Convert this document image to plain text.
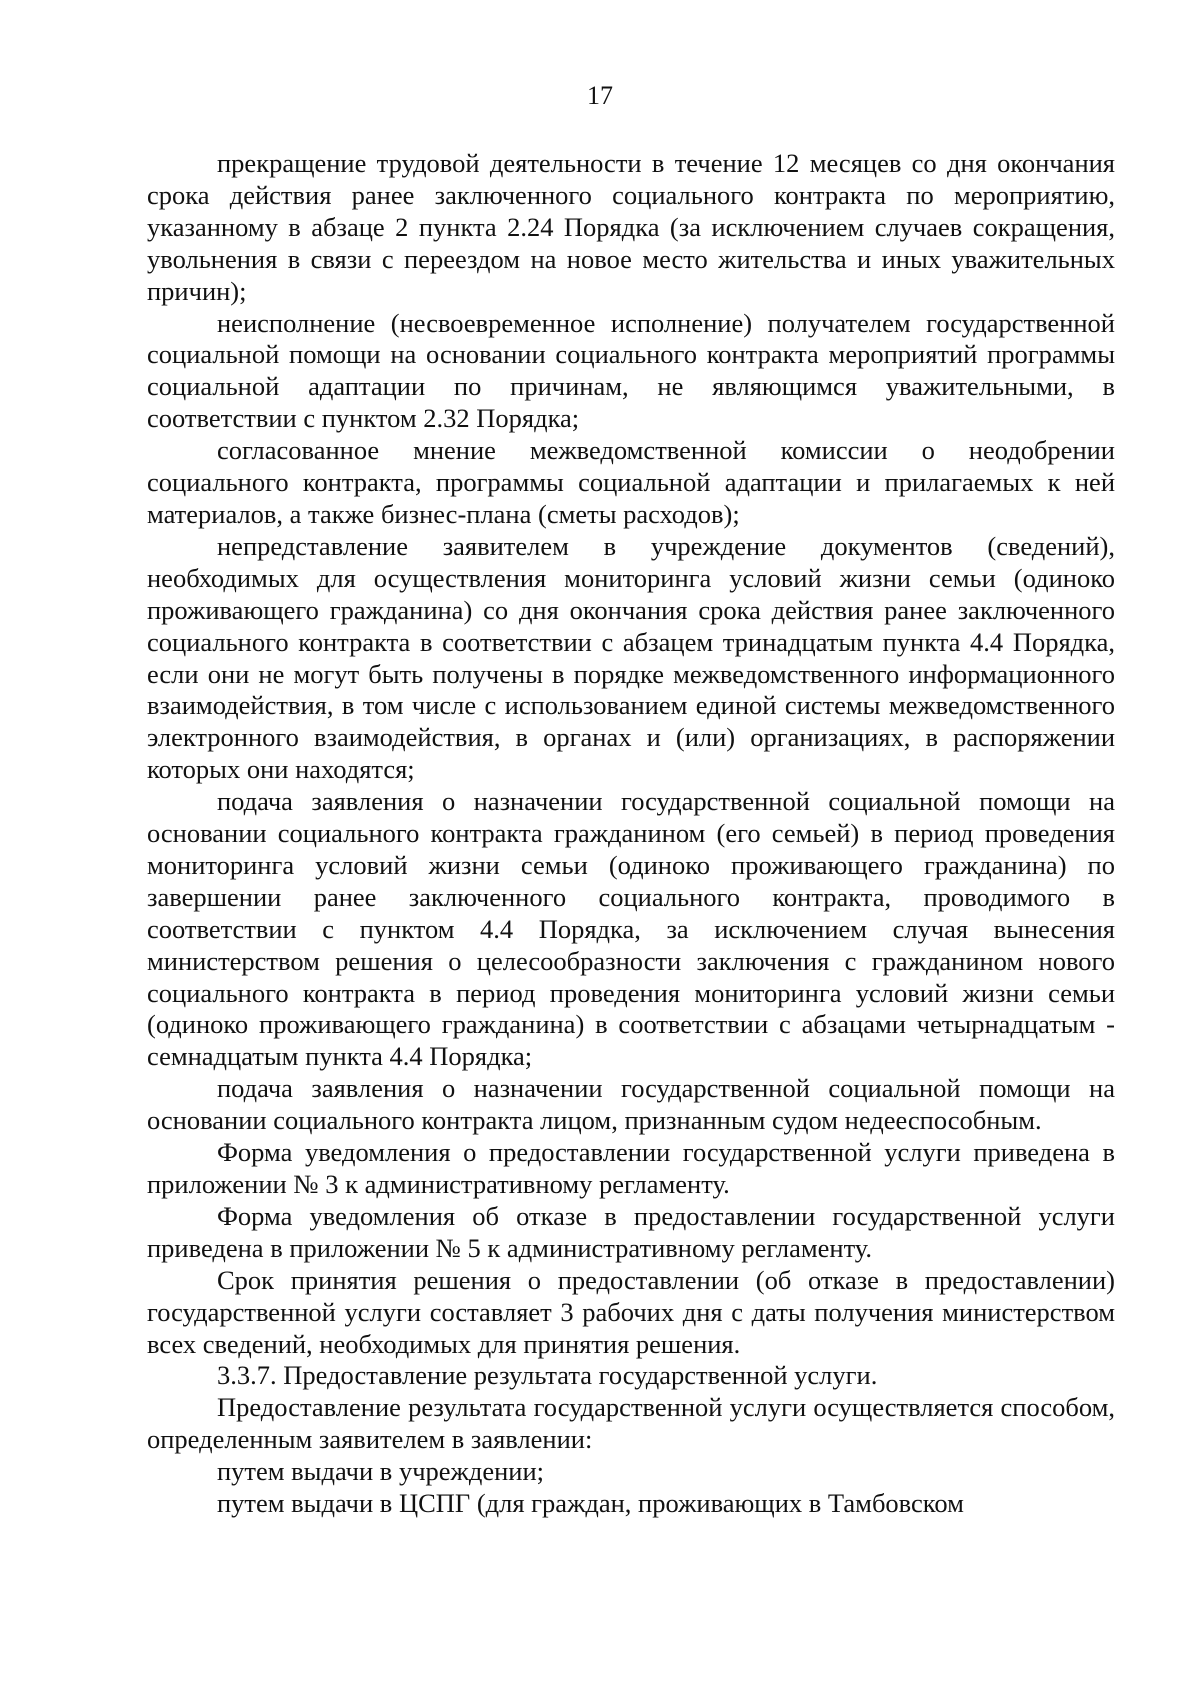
17

прекращение трудовой деятельности в течение 12 месяцев со дня окончания срока действия ранее заключенного социального контракта по мероприятию, указанному в абзаце 2 пункта 2.24 Порядка (за исключением случаев сокращения, увольнения в связи с переездом на новое место жительства и иных уважительных причин);

неисполнение (несвоевременное исполнение) получателем государственной социальной помощи на основании социального контракта мероприятий программы социальной адаптации по причинам, не являющимся уважительными, в соответствии с пунктом 2.32 Порядка;

согласованное мнение межведомственной комиссии о неодобрении социального контракта, программы социальной адаптации и прилагаемых к ней материалов, а также бизнес-плана (сметы расходов);

непредставление заявителем в учреждение документов (сведений), необходимых для осуществления мониторинга условий жизни семьи (одиноко проживающего гражданина) со дня окончания срока действия ранее заключенного социального контракта в соответствии с абзацем тринадцатым пункта 4.4 Порядка, если они не могут быть получены в порядке межведомственного информационного взаимодействия, в том числе с использованием единой системы межведомственного электронного взаимодействия, в органах и (или) организациях, в распоряжении которых они находятся;

подача заявления о назначении государственной социальной помощи на основании социального контракта гражданином (его семьей) в период проведения мониторинга условий жизни семьи (одиноко проживающего гражданина) по завершении ранее заключенного социального контракта, проводимого в соответствии с пунктом 4.4 Порядка, за исключением случая вынесения министерством решения о целесообразности заключения с гражданином нового социального контракта в период проведения мониторинга условий жизни семьи (одиноко проживающего гражданина) в соответствии с абзацами четырнадцатым - семнадцатым пункта 4.4 Порядка;

подача заявления о назначении государственной социальной помощи на основании социального контракта лицом, признанным судом недееспособным.

Форма уведомления о предоставлении государственной услуги приведена в приложении № 3 к административному регламенту.

Форма уведомления об отказе в предоставлении государственной услуги приведена в приложении № 5 к административному регламенту.

Срок принятия решения о предоставлении (об отказе в предоставлении) государственной услуги составляет 3 рабочих дня с даты получения министерством всех сведений, необходимых для принятия решения.

3.3.7. Предоставление результата государственной услуги.

Предоставление результата государственной услуги осуществляется способом, определенным заявителем в заявлении:

путем выдачи в учреждении;

путем выдачи в ЦСПГ (для граждан, проживающих в Тамбовском
